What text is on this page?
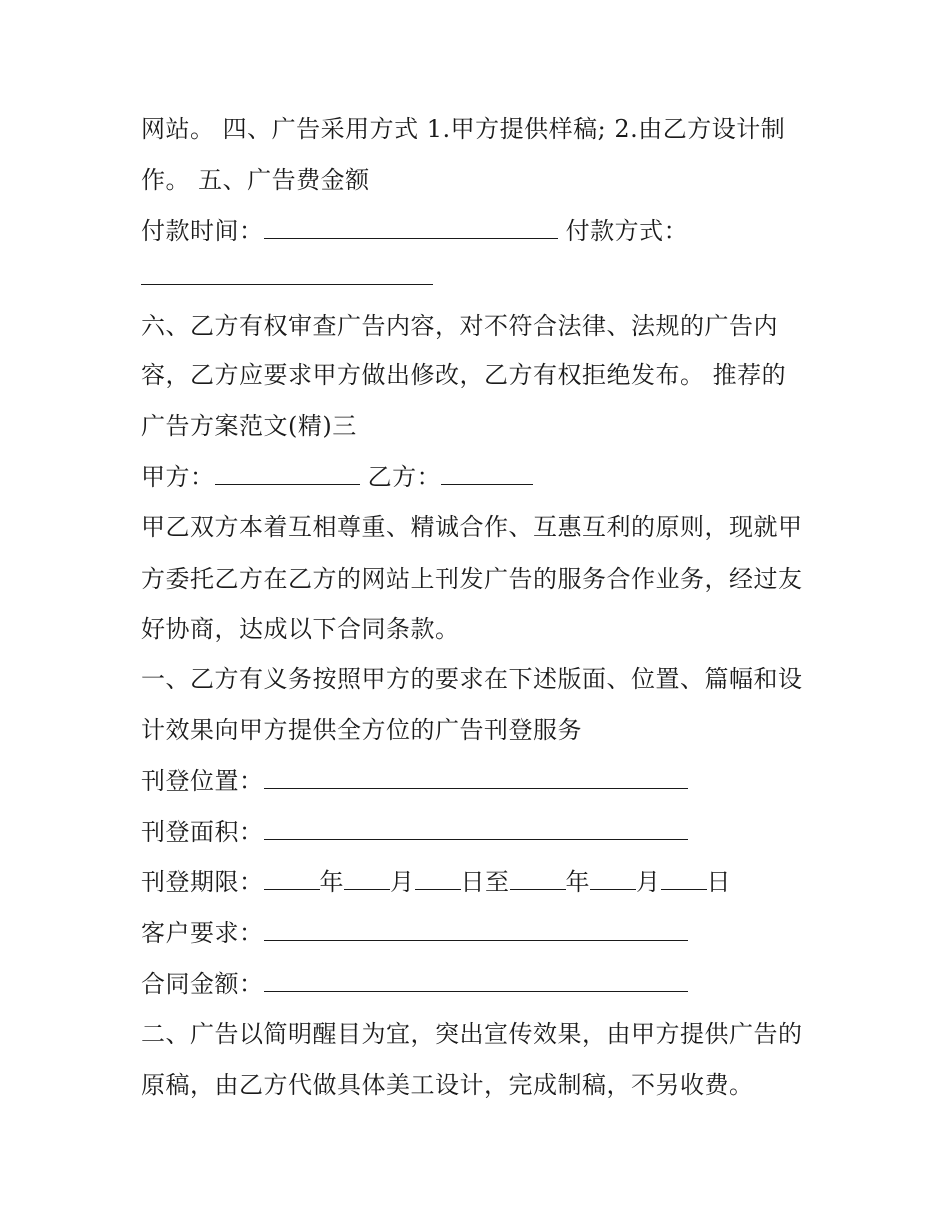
网站。 四、广告采用方式 1.甲方提供样稿; 2.由乙方设计制
作。 五、广告费金额
付款时间：	付款方式：
六、乙方有权审查广告内容，对不符合法律、法规的广告内
容，乙方应要求甲方做出修改，乙方有权拒绝发布。 推荐的
广告方案范文(精)三
甲方：	乙方：
甲乙双方本着互相尊重、精诚合作、互惠互利的原则，现就甲
方委托乙方在乙方的网站上刊发广告的服务合作业务，经过友
好协商，达成以下合同条款。
一、乙方有义务按照甲方的要求在下述版面、位置、篇幅和设
计效果向甲方提供全方位的广告刊登服务
刊登位置：
刊登面积：
刊登期限： 年 月 日至 年 月 日
客户要求：
合同金额：
二、广告以简明醒目为宜，突出宣传效果，由甲方提供广告的
原稿，由乙方代做具体美工设计，完成制稿，不另收费。
